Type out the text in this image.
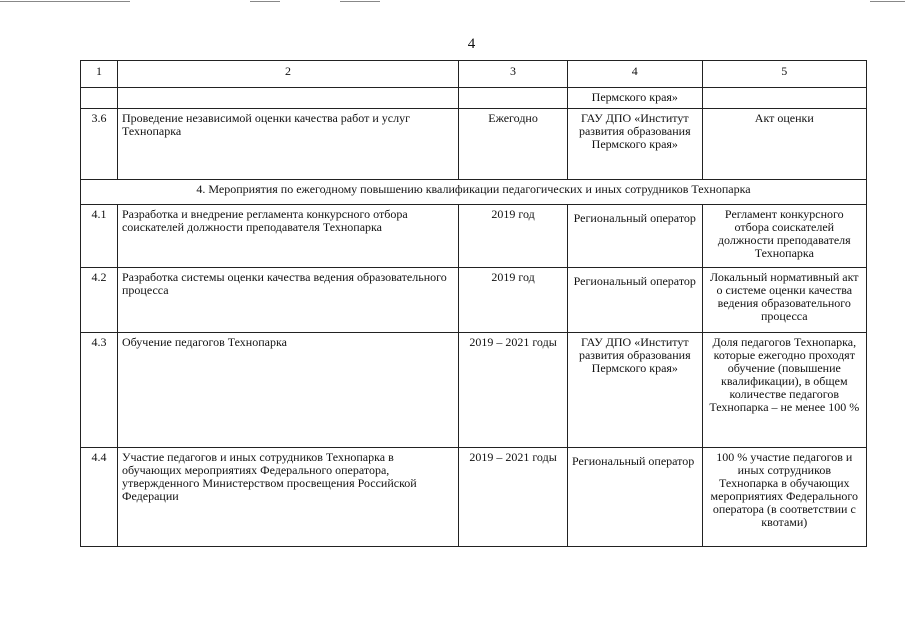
4
1	2	3	4	5
			Пермского края»	
3.6	Проведение независимой оценки качества работ и услуг Технопарка	Ежегодно	ГАУ ДПО «Институт развития образования Пермского края»	Акт оценки
4. Мероприятия по ежегодному повышению квалификации педагогических и иных сотрудников Технопарка				
4.1	Разработка и внедрение регламента конкурсного отбора соискателей должности преподавателя Технопарка	2019 год	Региональный оператор	Регламент конкурсного отбора соискателей должности преподавателя Технопарка
4.2	Разработка системы оценки качества ведения образовательного процесса	2019 год	Региональный оператор	Локальный нормативный акт о системе оценки качества ведения образовательного процесса
4.3	Обучение педагогов Технопарка	2019 – 2021 годы	ГАУ ДПО «Институт развития образования Пермского края»	Доля педагогов Технопарка, которые ежегодно проходят обучение (повышение квалификации), в общем количестве педагогов Технопарка – не менее 100 %
4.4	Участие педагогов и иных сотрудников Технопарка в обучающих мероприятиях Федерального оператора, утвержденного Министерством просвещения Российской Федерации	2019 – 2021 годы	Региональный оператор	100 % участие педагогов и иных сотрудников Технопарка в обучающих мероприятиях Федерального оператора (в соответствии с квотами)
